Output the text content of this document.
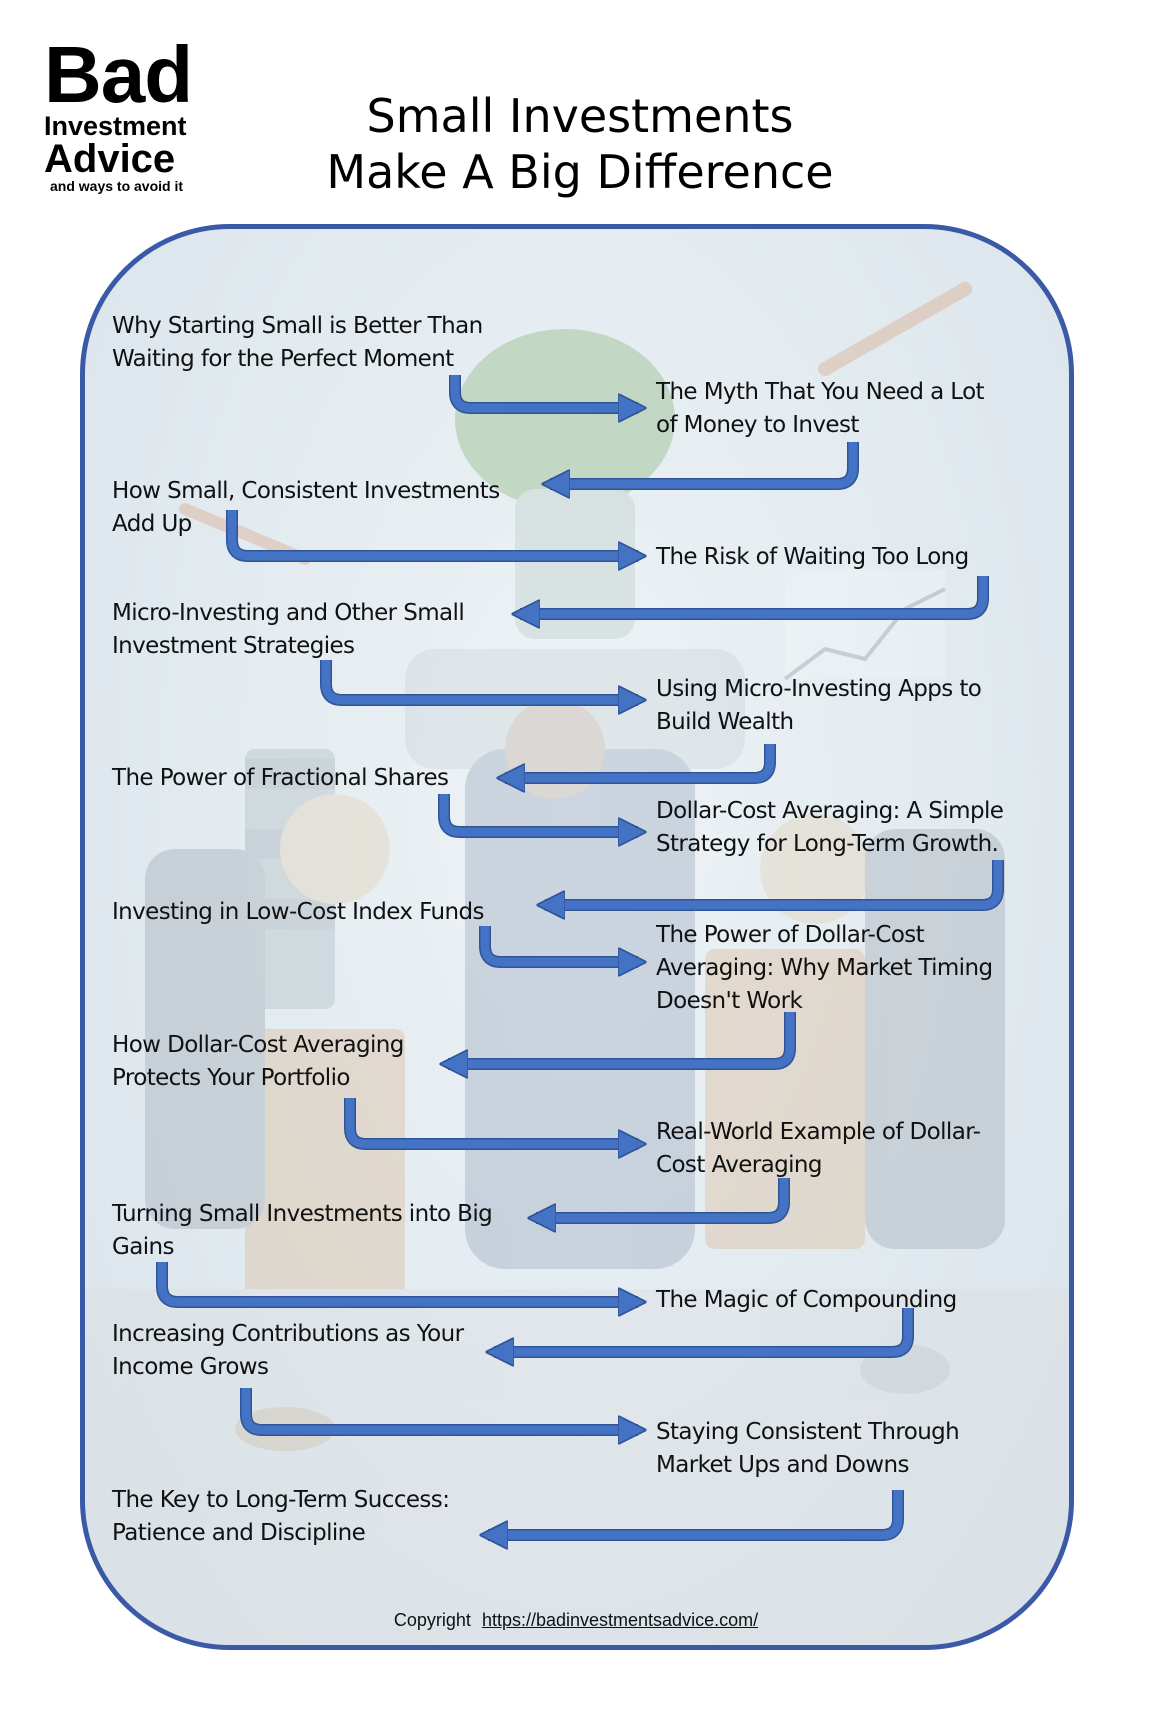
Bad
Investment
Advice
and ways to avoid it
Small Investments
Make A Big Difference
Why Starting Small is Better Than
Waiting for the Perfect Moment
The Myth That You Need a Lot
of Money to Invest
How Small, Consistent Investments
Add Up
The Risk of Waiting Too Long
Micro-Investing and Other Small
Investment Strategies
Using Micro-Investing Apps to
Build Wealth
The Power of Fractional Shares
Dollar-Cost Averaging: A Simple
Strategy for Long-Term Growth.
Investing in Low-Cost Index Funds
The Power of Dollar-Cost
Averaging: Why Market Timing
Doesn't Work
How Dollar-Cost Averaging
Protects Your Portfolio
Real-World Example of Dollar-
Cost Averaging
Turning Small Investments into Big
Gains
The Magic of Compounding
Increasing Contributions as Your
Income Grows
Staying Consistent Through
Market Ups and Downs
The Key to Long-Term Success:
Patience and Discipline
Copyright https://badinvestmentsadvice.com/
